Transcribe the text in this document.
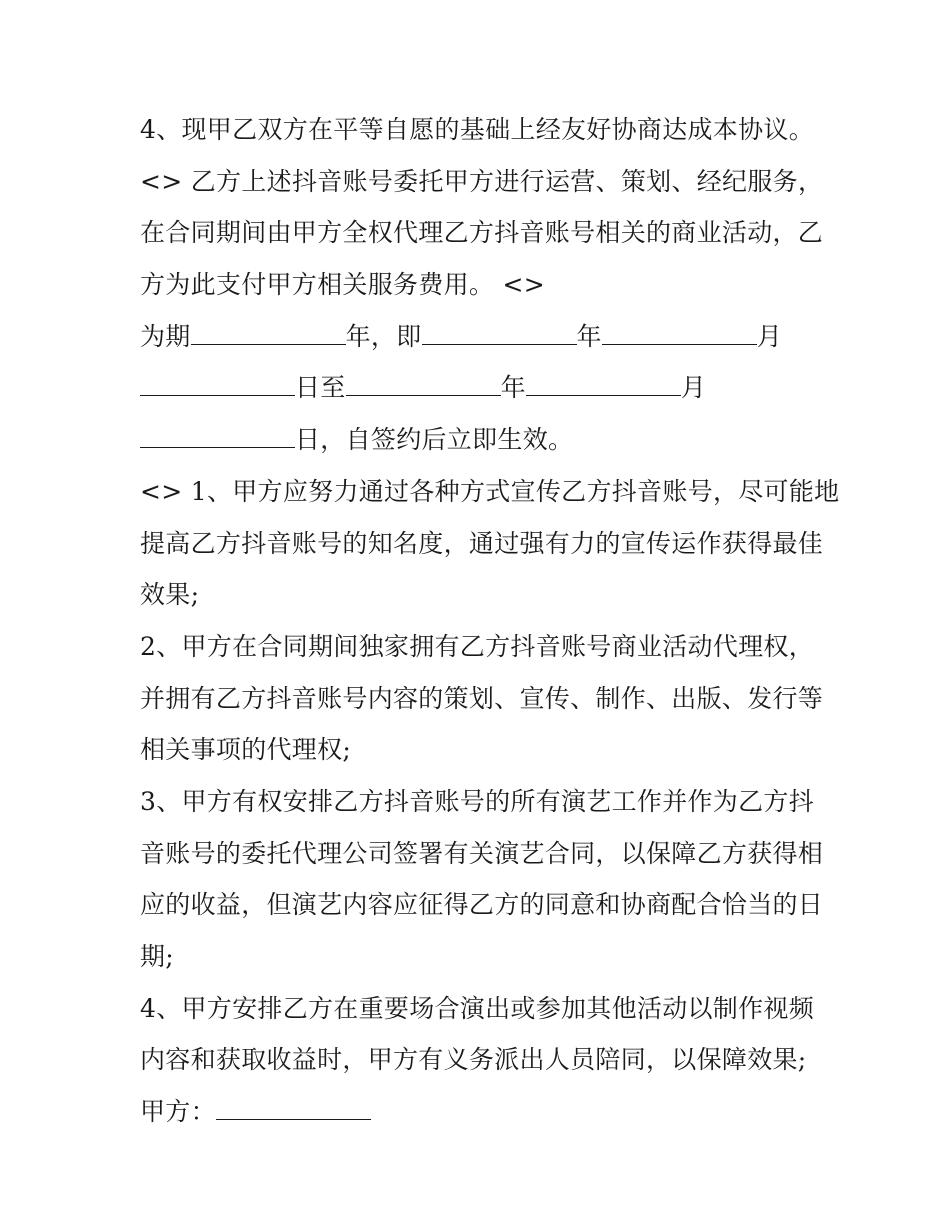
4、现甲乙双方在平等自愿的基础上经友好协商达成本协议。
<> 乙方上述抖音账号委托甲方进行运营、策划、经纪服务，
在合同期间由甲方全权代理乙方抖音账号相关的商业活动，乙
方为此支付甲方相关服务费用。 <>
为期	年，即	年	月
日至	年	月
日，自签约后立即生效。
<> 1、甲方应努力通过各种方式宣传乙方抖音账号，尽可能地
提高乙方抖音账号的知名度，通过强有力的宣传运作获得最佳
效果;
2、甲方在合同期间独家拥有乙方抖音账号商业活动代理权，
并拥有乙方抖音账号内容的策划、宣传、制作、出版、发行等
相关事项的代理权;
3、甲方有权安排乙方抖音账号的所有演艺工作并作为乙方抖
音账号的委托代理公司签署有关演艺合同，以保障乙方获得相
应的收益，但演艺内容应征得乙方的同意和协商配合恰当的日
期;
4、甲方安排乙方在重要场合演出或参加其他活动以制作视频
内容和获取收益时，甲方有义务派出人员陪同，以保障效果;
甲方：
